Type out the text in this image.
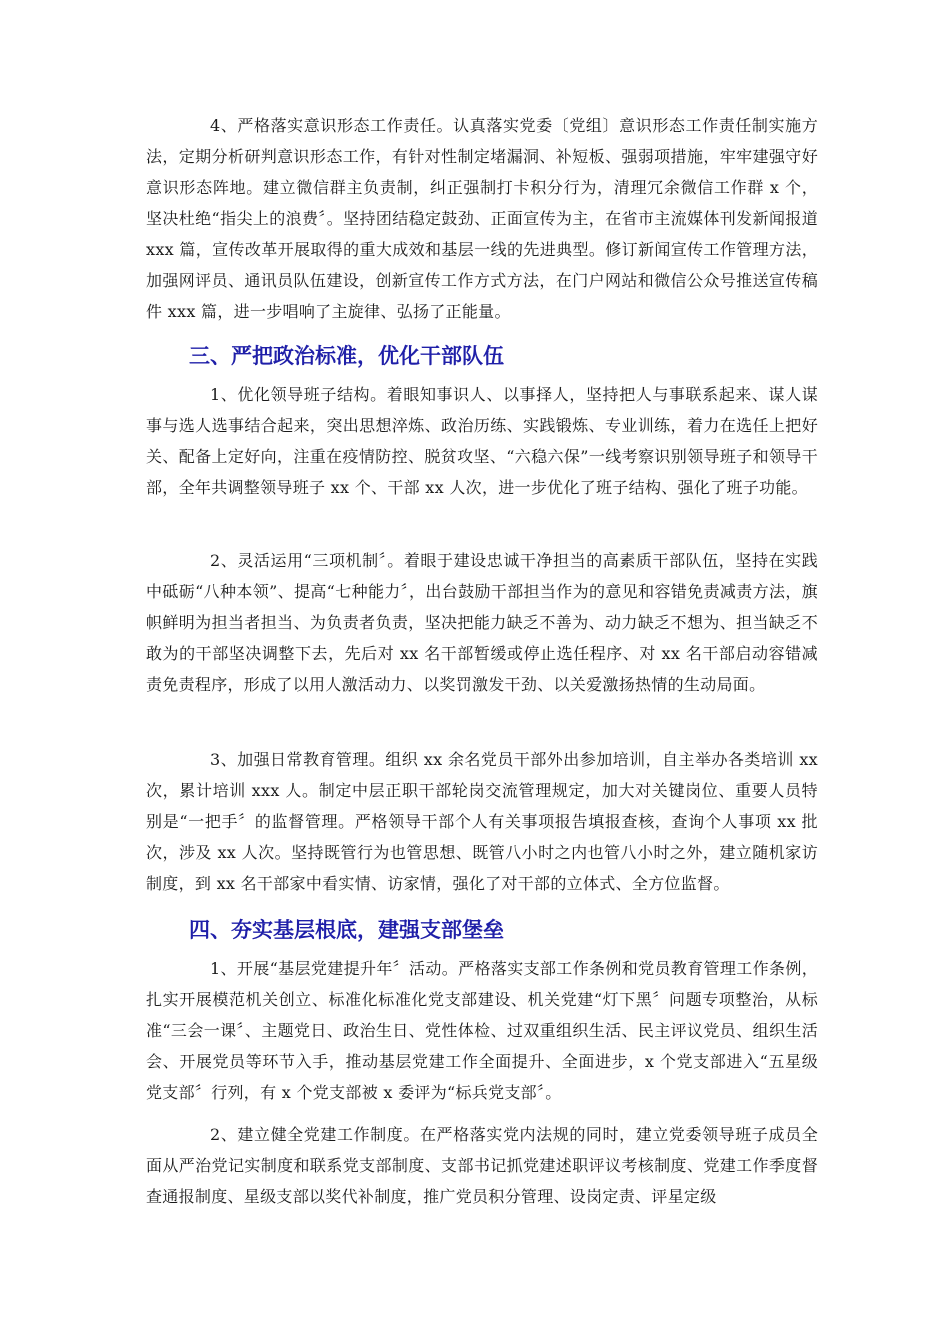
4、严格落实意识形态工作责任。认真落实党委〔党组〕意识形态工作责任制实施方法，定期分析研判意识形态工作，有针对性制定堵漏洞、补短板、强弱项措施，牢牢建强守好意识形态阵地。建立微信群主负责制，纠正强制打卡积分行为，清理冗余微信工作群 x 个，坚决杜绝“指尖上的浪费〞。坚持团结稳定鼓劲、正面宣传为主，在省市主流媒体刊发新闻报道 xxx 篇，宣传改革开展取得的重大成效和基层一线的先进典型。修订新闻宣传工作管理方法，加强网评员、通讯员队伍建设，创新宣传工作方式方法，在门户网站和微信公众号推送宣传稿件 xxx 篇，进一步唱响了主旋律、弘扬了正能量。

三、严把政治标准，优化干部队伍

1、优化领导班子结构。着眼知事识人、以事择人，坚持把人与事联系起来、谋人谋事与选人选事结合起来，突出思想淬炼、政治历练、实践锻炼、专业训练，着力在选任上把好关、配备上定好向，注重在疫情防控、脱贫攻坚、“六稳六保”一线考察识别领导班子和领导干部，全年共调整领导班子 xx 个、干部 xx 人次，进一步优化了班子结构、强化了班子功能。

2、灵活运用“三项机制〞。着眼于建设忠诚干净担当的高素质干部队伍，坚持在实践中砥砺“八种本领”、提高“七种能力〞，出台鼓励干部担当作为的意见和容错免责减责方法，旗帜鲜明为担当者担当、为负责者负责，坚决把能力缺乏不善为、动力缺乏不想为、担当缺乏不敢为的干部坚决调整下去，先后对 xx 名干部暂缓或停止选任程序、对 xx 名干部启动容错减责免责程序，形成了以用人激活动力、以奖罚激发干劲、以关爱激扬热情的生动局面。

3、加强日常教育管理。组织 xx 余名党员干部外出参加培训，自主举办各类培训 xx 次，累计培训 xxx 人。制定中层正职干部轮岗交流管理规定，加大对关键岗位、重要人员特别是“一把手〞的监督管理。严格领导干部个人有关事项报告填报查核，查询个人事项 xx 批次，涉及 xx 人次。坚持既管行为也管思想、既管八小时之内也管八小时之外，建立随机家访制度，到 xx 名干部家中看实情、访家情，强化了对干部的立体式、全方位监督。

四、夯实基层根底，建强支部堡垒

1、开展“基层党建提升年〞活动。严格落实支部工作条例和党员教育管理工作条例，扎实开展模范机关创立、标准化标准化党支部建设、机关党建“灯下黑〞问题专项整治，从标准“三会一课〞、主题党日、政治生日、党性体检、过双重组织生活、民主评议党员、组织生活会、开展党员等环节入手，推动基层党建工作全面提升、全面进步，x 个党支部进入“五星级党支部〞行列，有 x 个党支部被 x 委评为“标兵党支部〞。

2、建立健全党建工作制度。在严格落实党内法规的同时，建立党委领导班子成员全面从严治党记实制度和联系党支部制度、支部书记抓党建述职评议考核制度、党建工作季度督查通报制度、星级支部以奖代补制度，推广党员积分管理、设岗定责、评星定级
